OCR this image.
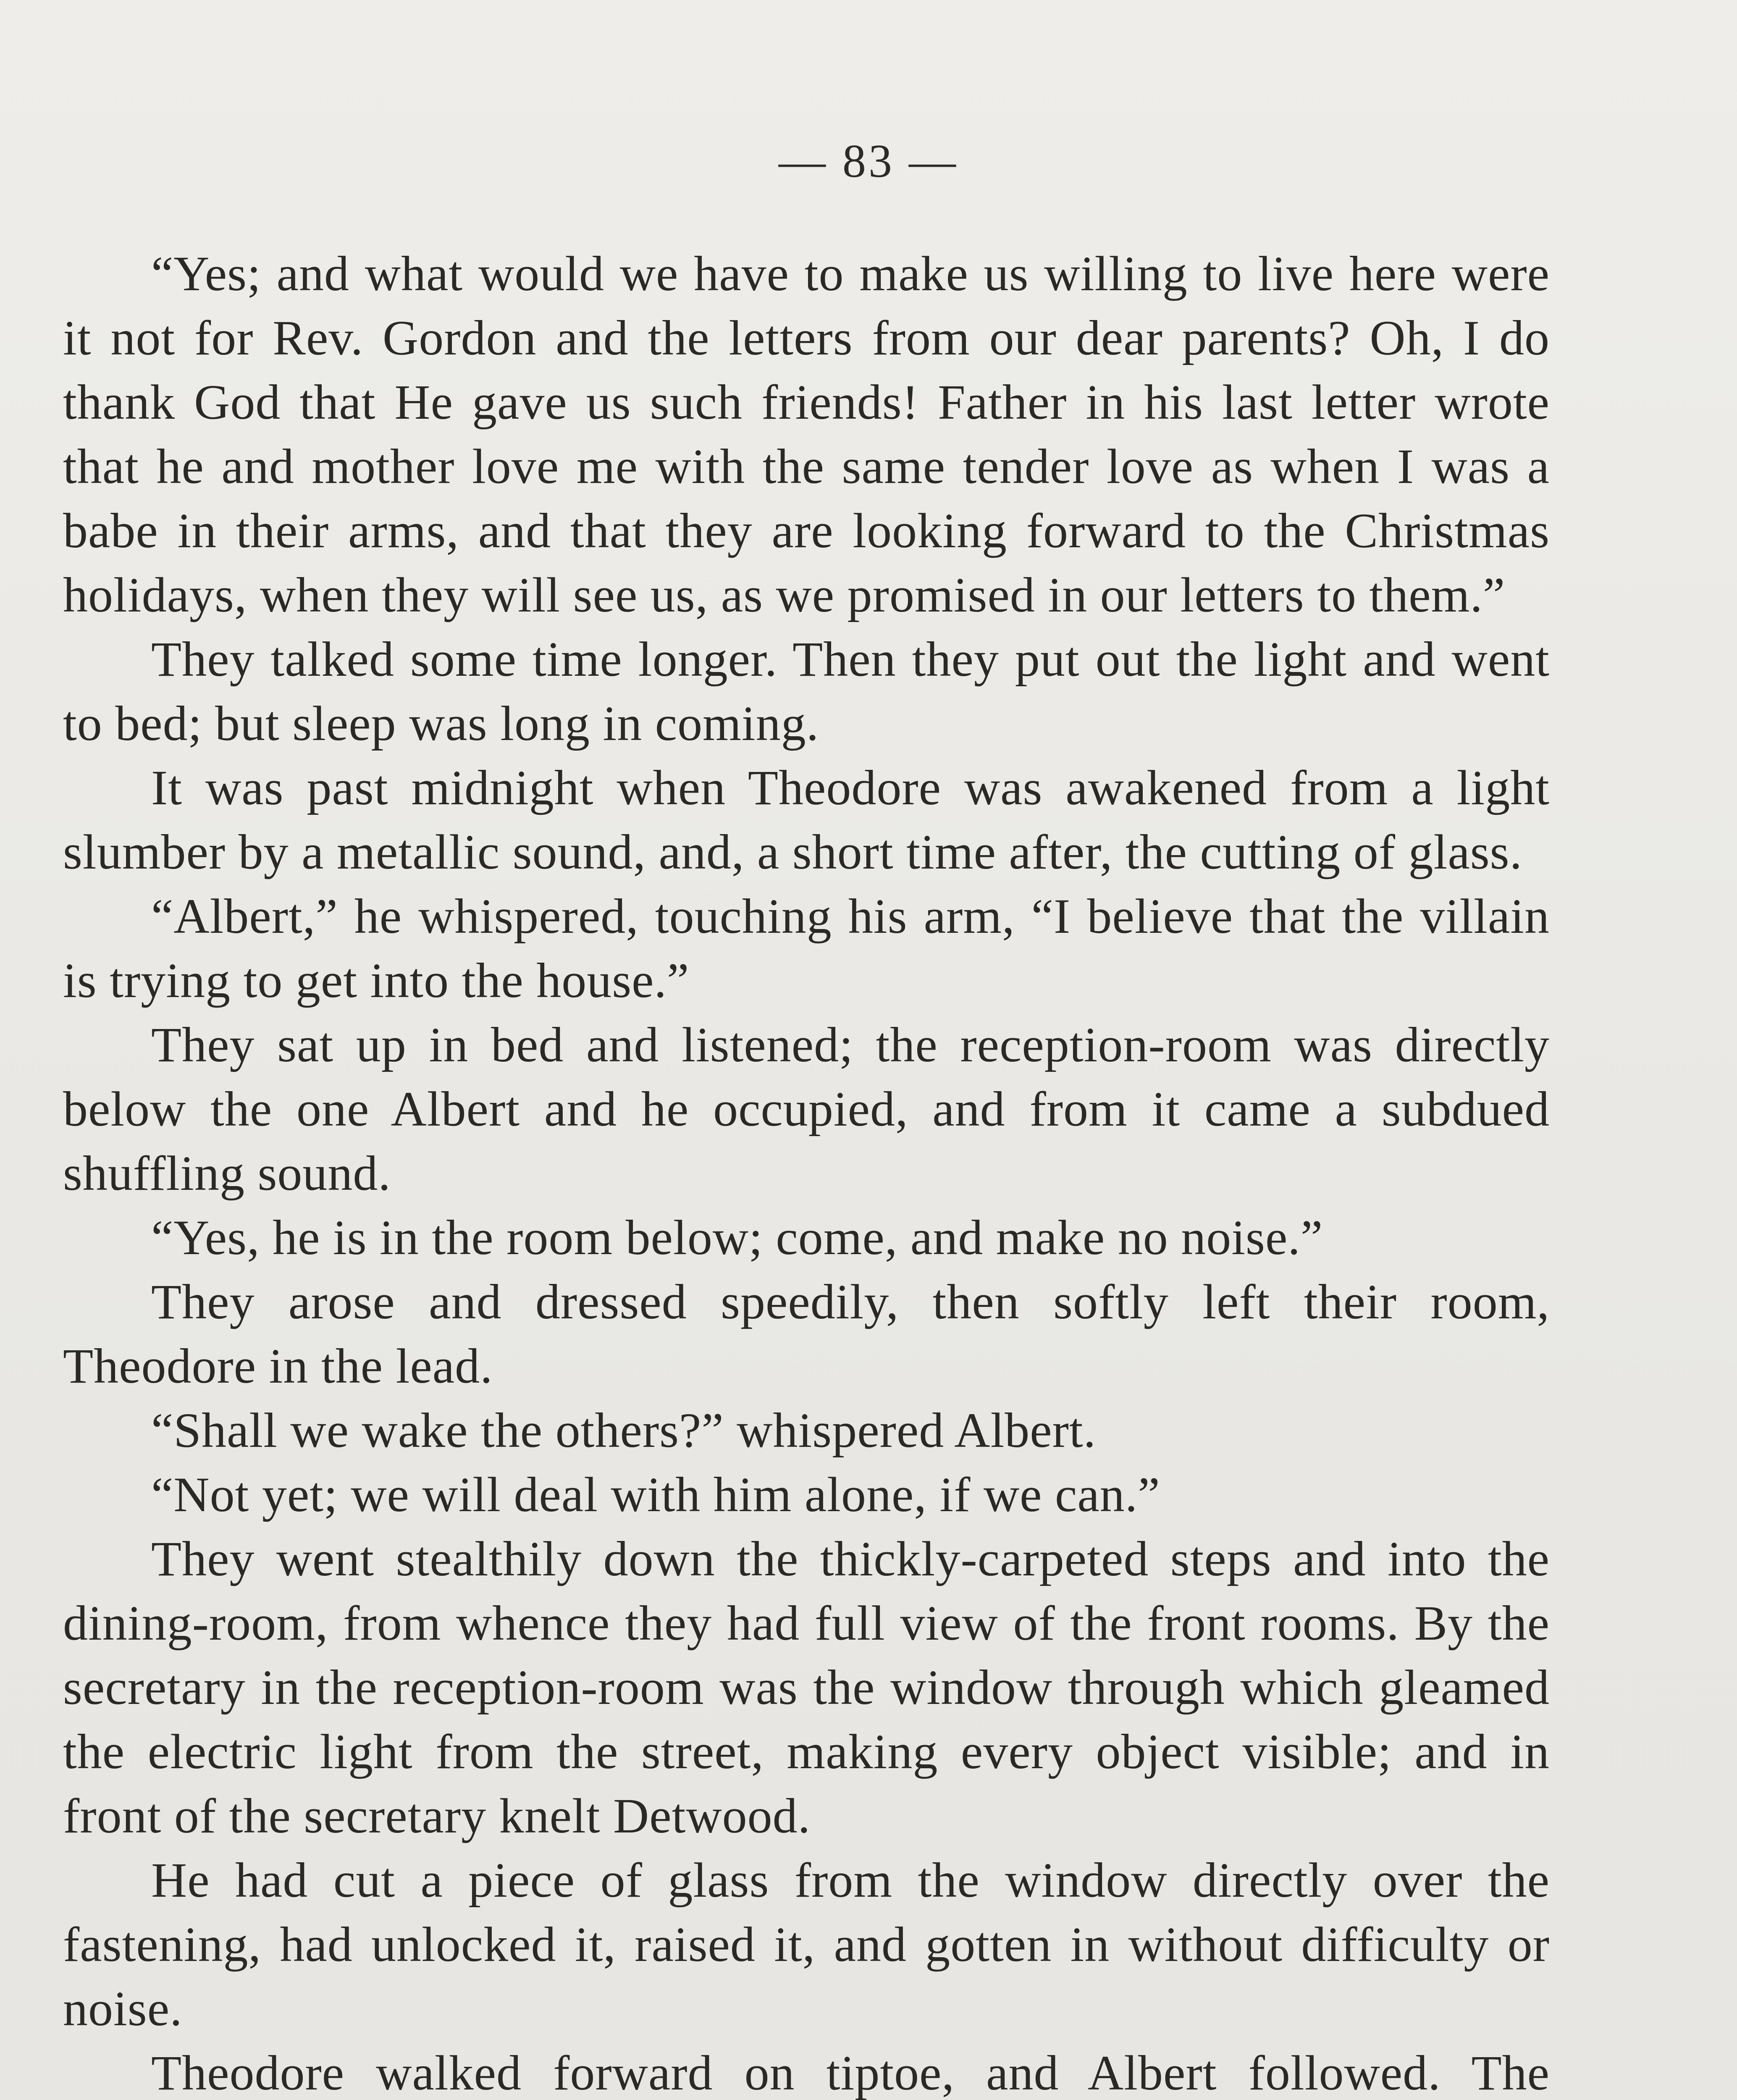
— 83 —

“Yes; and what would we have to make us willing to live here were it not for Rev. Gordon and the letters from our dear parents? Oh, I do thank God that He gave us such friends! Father in his last letter wrote that he and mother love me with the same tender love as when I was a babe in their arms, and that they are looking forward to the Christmas holidays, when they will see us, as we promised in our letters to them.”

They talked some time longer. Then they put out the light and went to bed; but sleep was long in coming.

It was past midnight when Theodore was awakened from a light slumber by a metallic sound, and, a short time after, the cutting of glass.

“Albert,” he whispered, touching his arm, “I believe that the villain is trying to get into the house.”

They sat up in bed and listened; the reception-room was directly below the one Albert and he occupied, and from it came a subdued shuffling sound.

“Yes, he is in the room below; come, and make no noise.”

They arose and dressed speedily, then softly left their room, Theodore in the lead.

“Shall we wake the others?” whispered Albert.

“Not yet; we will deal with him alone, if we can.”

They went stealthily down the thickly-carpeted steps and into the dining-room, from whence they had full view of the front rooms. By the secretary in the reception-room was the window through which gleamed the electric light from the street, making every object visible; and in front of the secretary knelt Detwood.

He had cut a piece of glass from the window directly over the fastening, had unlocked it, raised it, and gotten in without difficulty or noise.

Theodore walked forward on tiptoe, and Albert followed. The
